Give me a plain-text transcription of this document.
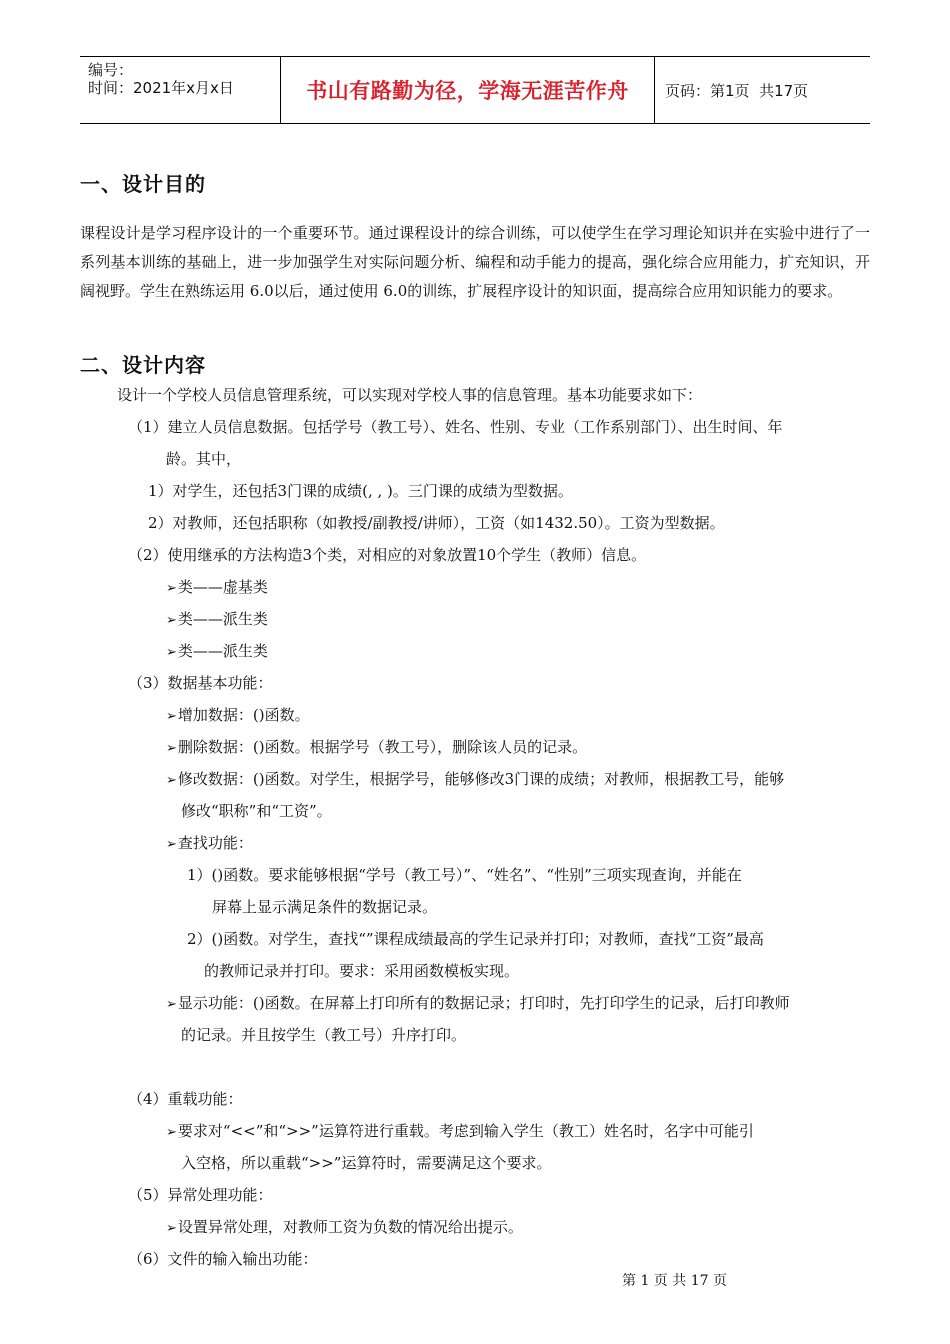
编号：
时间：2021年x月x日	书山有路勤为径，学海无涯苦作舟	页码：第1页  共17页
一、设计目的
课程设计是学习程序设计的一个重要环节。通过课程设计的综合训练，可以使学生在学习理论知识并在实验中进行了一系列基本训练的基础上，进一步加强学生对实际问题分析、编程和动手能力的提高，强化综合应用能力，扩充知识，开阔视野。学生在熟练运用 6.0以后，通过使用 6.0的训练，扩展程序设计的知识面，提高综合应用知识能力的要求。
二、设计内容
设计一个学校人员信息管理系统，可以实现对学校人事的信息管理。基本功能要求如下：
（1）建立人员信息数据。包括学号（教工号）、姓名、性别、专业（工作系别部门）、出生时间、年
龄。其中，
1）对学生，还包括3门课的成绩(, , )。三门课的成绩为型数据。
2）对教师，还包括职称（如教授/副教授/讲师），工资（如1432.50）。工资为型数据。
（2）使用继承的方法构造3个类，对相应的对象放置10个学生（教师）信息。
➢ 类——虚基类
➢ 类——派生类
➢ 类——派生类
（3）数据基本功能：
➢ 增加数据：()函数。
➢ 删除数据：()函数。根据学号（教工号），删除该人员的记录。
➢ 修改数据：()函数。对学生，根据学号，能够修改3门课的成绩；对教师，根据教工号，能够
修改“职称”和“工资”。
➢ 查找功能：
1）()函数。要求能够根据“学号（教工号）”、“姓名”、“性别”三项实现查询，并能在
屏幕上显示满足条件的数据记录。
2）()函数。对学生，查找“”课程成绩最高的学生记录并打印；对教师，查找“工资”最高
的教师记录并打印。要求：采用函数模板实现。
➢ 显示功能：()函数。在屏幕上打印所有的数据记录；打印时，先打印学生的记录，后打印教师
的记录。并且按学生（教工号）升序打印。
（4）重载功能：
➢ 要求对“<<”和“>>”运算符进行重载。考虑到输入学生（教工）姓名时，名字中可能引
入空格，所以重载“>>”运算符时，需要满足这个要求。
（5）异常处理功能：
➢ 设置异常处理，对教师工资为负数的情况给出提示。
（6）文件的输入输出功能：
第 1 页 共 17 页
